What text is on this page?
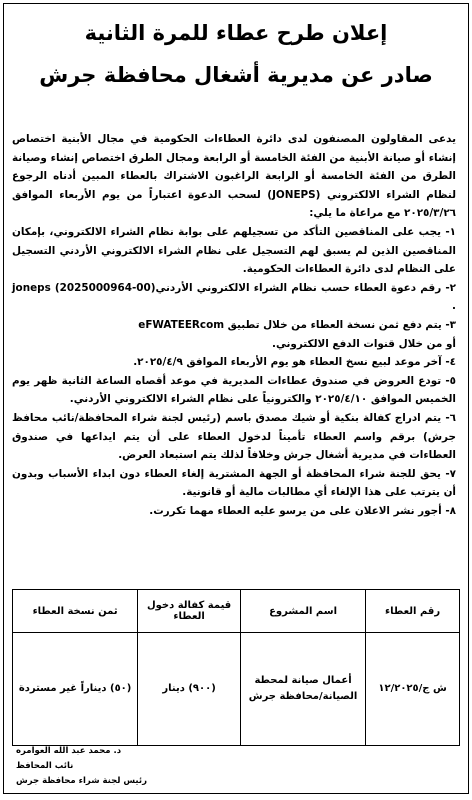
إعلان طرح عطاء للمرة الثانية
صادر عن مديرية أشغال محافظة جرش

يدعى المقاولون المصنفون لدى دائرة العطاءات الحكومية في مجال الأبنية اختصاص إنشاء أو صيانة الأبنية من الفئة الخامسة أو الرابعة ومجال الطرق اختصاص إنشاء وصيانة الطرق من الفئة الخامسة أو الرابعة الراغبون الاشتراك بالعطاء المبين أدناه الرجوع لنظام الشراء الالكتروني (JONEPS) لسحب الدعوة اعتباراً من يوم الأربعاء الموافق ٢٠٢٥/٣/٢٦ مع مراعاة ما يلي:

١- يجب على المناقصين التأكد من تسجيلهم على بوابة نظام الشراء الالكتروني، بإمكان المناقصين الذين لم يسبق لهم التسجيل على نظام الشراء الالكتروني الأردني التسجيل على النظام لدى دائرة العطاءات الحكومية.

٢- رقم دعوة العطاء حسب نظام الشراء الالكتروني الأردنيjoneps (2025000964-00) .

٣- يتم دفع ثمن نسخة العطاء من خلال تطبيق eFWATEERcom

أو من خلال قنوات الدفع الالكتروني.

٤- آخر موعد لبيع نسخ العطاء هو يوم الأربعاء الموافق ٢٠٢٥/٤/٩.

٥- تودع العروض في صندوق عطاءات المديرية في موعد أقصاه الساعة الثانية ظهر يوم الخميس الموافق ٢٠٢٥/٤/١٠ والكترونياً على نظام الشراء الالكتروني الأردني.

٦- يتم ادراج كفالة بنكية أو شيك مصدق باسم (رئيس لجنة شراء المحافظة/نائب محافظ جرش) برقم واسم العطاء تأميناً لدخول العطاء على أن يتم ايداعها في صندوق العطاءات في مديرية أشغال جرش وخلافاً لذلك يتم استبعاد العرض.

٧- يحق للجنة شراء المحافظة أو الجهة المشترية إلغاء العطاء دون ابداء الأسباب وبدون أن يترتب على هذا الإلغاء أي مطالبات مالية أو قانونية.

٨- أجور نشر الاعلان على من يرسو عليه العطاء مهما تكررت.

رقم العطاء	اسم المشروع	قيمة كفالة دخول العطاء	ثمن نسخة العطاء
ش ج/١٢/٢٠٢٥	أعمال صيانة لمحطة الصيانة/محافظة جرش	(٩٠٠) دينار	(٥٠) ديناراً غير مستردة
د. محمد عبد الله العوامره
نائب المحافظ
رئيس لجنة شراء محافظة جرش
